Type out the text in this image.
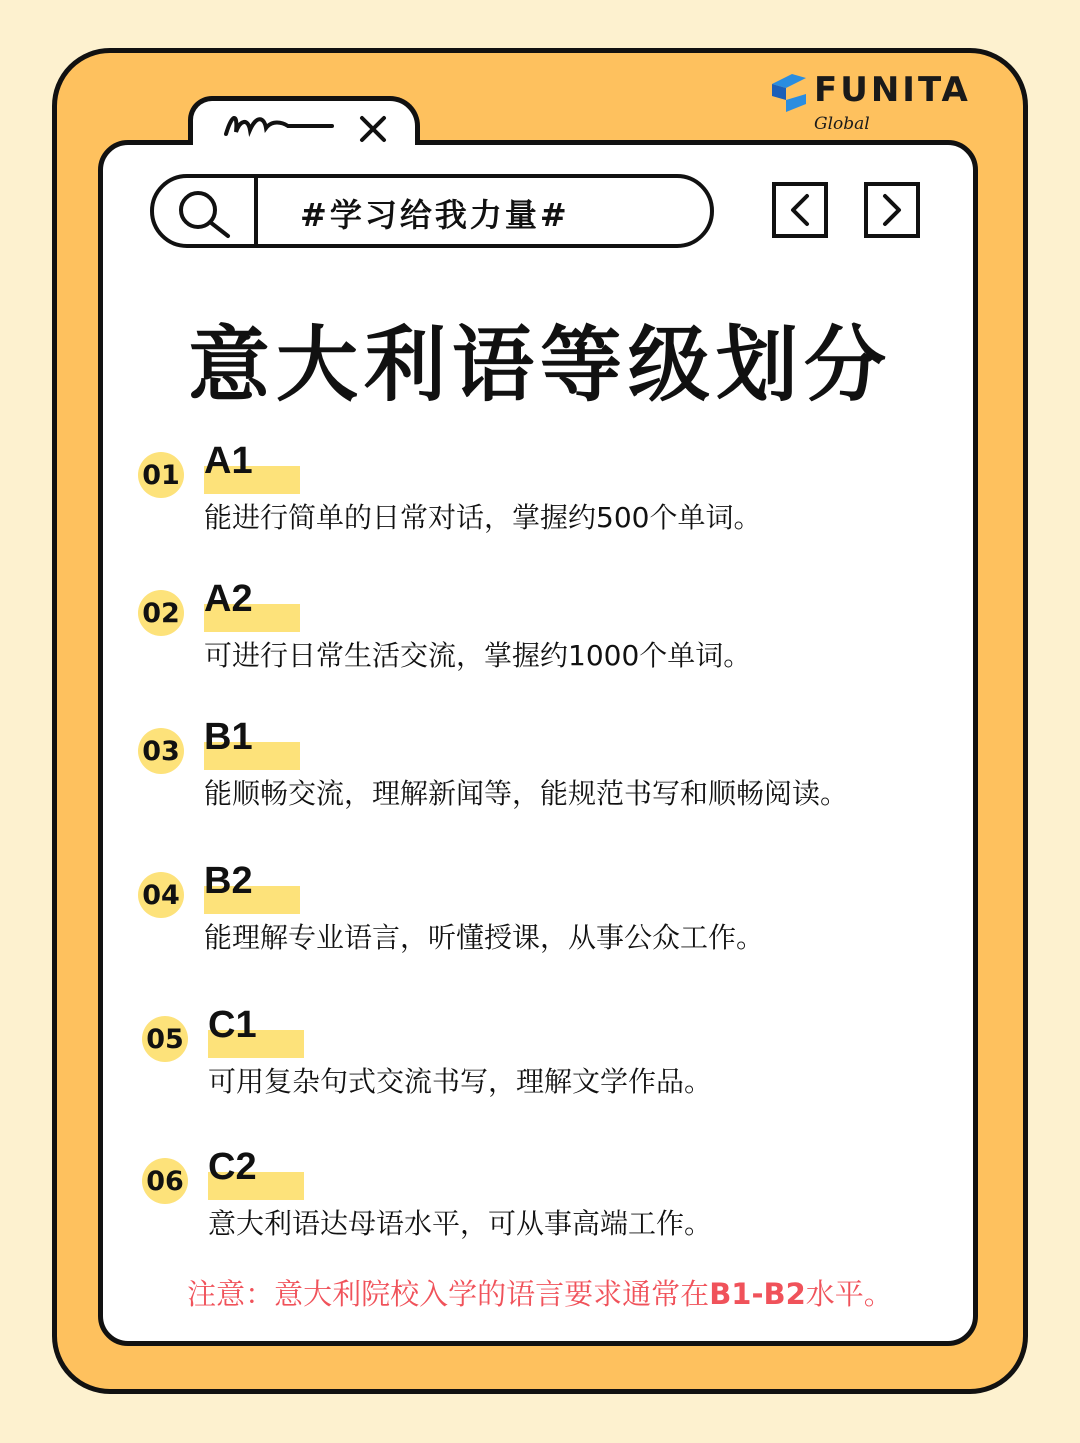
FUNITA
Global
#学习给我力量#
意大利语等级划分
01 A1
能进行简单的日常对话，掌握约500个单词。
02 A2
可进行日常生活交流，掌握约1000个单词。
03 B1
能顺畅交流，理解新闻等，能规范书写和顺畅阅读。
04 B2
能理解专业语言，听懂授课，从事公众工作。
05 C1
可用复杂句式交流书写，理解文学作品。
06 C2
意大利语达母语水平，可从事高端工作。
注意：意大利院校入学的语言要求通常在B1-B2水平。
